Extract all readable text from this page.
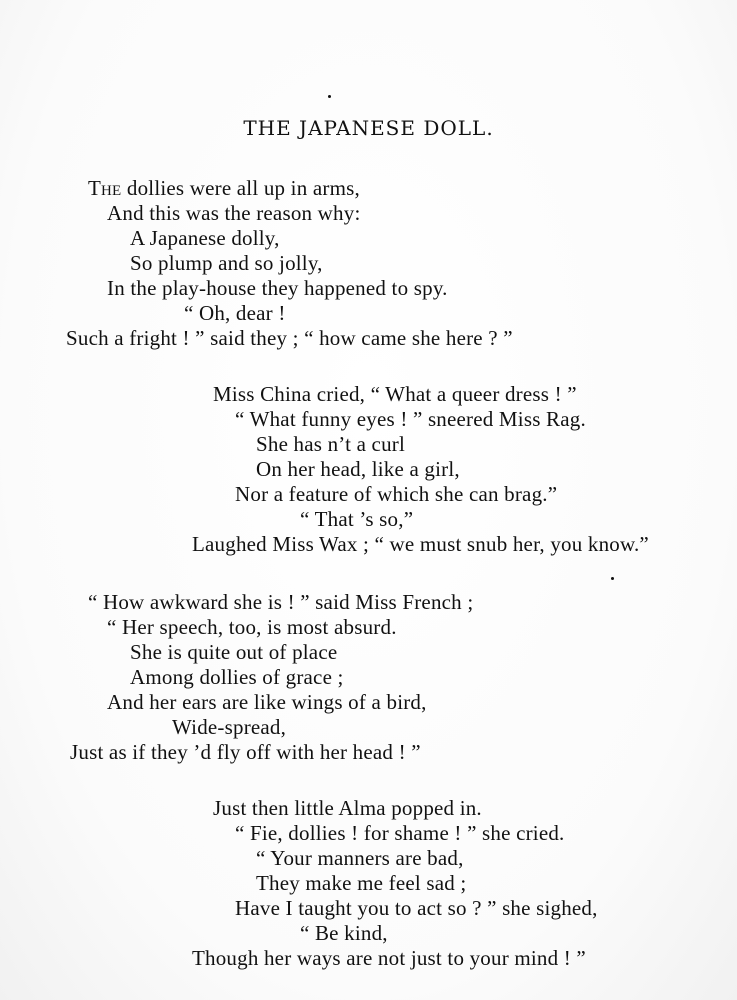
THE JAPANESE DOLL.
The dollies were all up in arms,
And this was the reason why:
A Japanese dolly,
So plump and so jolly,
In the play-house they happened to spy.
“ Oh, dear !
Such a fright ! ” said they ; “ how came she here ? ”
Miss China cried, “ What a queer dress ! ”
“ What funny eyes ! ” sneered Miss Rag.
She has n’t a curl
On her head, like a girl,
Nor a feature of which she can brag.”
“ That ’s so,”
Laughed Miss Wax ; “ we must snub her, you know.”
“ How awkward she is ! ” said Miss French ;
“ Her speech, too, is most absurd.
She is quite out of place
Among dollies of grace ;
And her ears are like wings of a bird,
Wide-spread,
Just as if they ’d fly off with her head ! ”
Just then little Alma popped in.
“ Fie, dollies ! for shame ! ” she cried.
“ Your manners are bad,
They make me feel sad ;
Have I taught you to act so ? ” she sighed,
“ Be kind,
Though her ways are not just to your mind ! ”
